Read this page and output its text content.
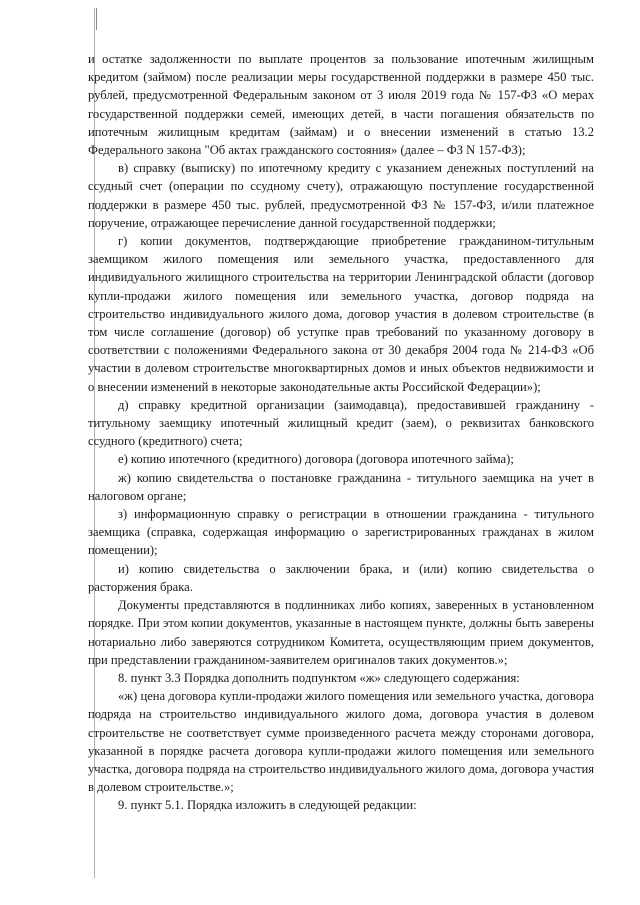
и остатке задолженности по выплате процентов за пользование ипотечным жилищным кредитом (займом) после реализации меры государственной поддержки в размере 450 тыс. рублей, предусмотренной Федеральным законом от 3 июля 2019 года № 157-ФЗ «О мерах государственной поддержки семей, имеющих детей, в части погашения обязательств по ипотечным жилищным кредитам (займам) и о внесении изменений в статью 13.2 Федерального закона "Об актах гражданского состояния» (далее – ФЗ N 157-ФЗ);

в) справку (выписку) по ипотечному кредиту с указанием денежных поступлений на ссудный счет (операции по ссудному счету), отражающую поступление государственной поддержки в размере 450 тыс. рублей, предусмотренной ФЗ № 157-ФЗ, и/или платежное поручение, отражающее перечисление данной государственной поддержки;

г) копии документов, подтверждающие приобретение гражданином-титульным заемщиком жилого помещения или земельного участка, предоставленного для индивидуального жилищного строительства на территории Ленинградской области (договор купли-продажи жилого помещения или земельного участка, договор подряда на строительство индивидуального жилого дома, договор участия в долевом строительстве (в том числе соглашение (договор) об уступке прав требований по указанному договору в соответствии с положениями Федерального закона от 30 декабря 2004 года № 214-ФЗ «Об участии в долевом строительстве многоквартирных домов и иных объектов недвижимости и о внесении изменений в некоторые законодательные акты Российской Федерации»);

д) справку кредитной организации (заимодавца), предоставившей гражданину - титульному заемщику ипотечный жилищный кредит (заем), о реквизитах банковского ссудного (кредитного) счета;

е) копию ипотечного (кредитного) договора (договора ипотечного займа);

ж) копию свидетельства о постановке гражданина - титульного заемщика на учет в налоговом органе;

з) информационную справку о регистрации в отношении гражданина - титульного заемщика (справка, содержащая информацию о зарегистрированных гражданах в жилом помещении);

и) копию свидетельства о заключении брака, и (или) копию свидетельства о расторжения брака.

Документы представляются в подлинниках либо копиях, заверенных в установленном порядке. При этом копии документов, указанные в настоящем пункте, должны быть заверены нотариально либо заверяются сотрудником Комитета, осуществляющим прием документов, при представлении гражданином-заявителем оригиналов таких документов.»;

8. пункт 3.3 Порядка дополнить подпунктом «ж» следующего содержания:

«ж) цена договора купли-продажи жилого помещения или земельного участка, договора подряда на строительство индивидуального жилого дома, договора участия в долевом строительстве не соответствует сумме произведенного расчета между сторонами договора, указанной в порядке расчета договора купли-продажи жилого помещения или земельного участка, договора подряда на строительство индивидуального жилого дома, договора участия в долевом строительстве.»;

9. пункт 5.1. Порядка изложить в следующей редакции:
